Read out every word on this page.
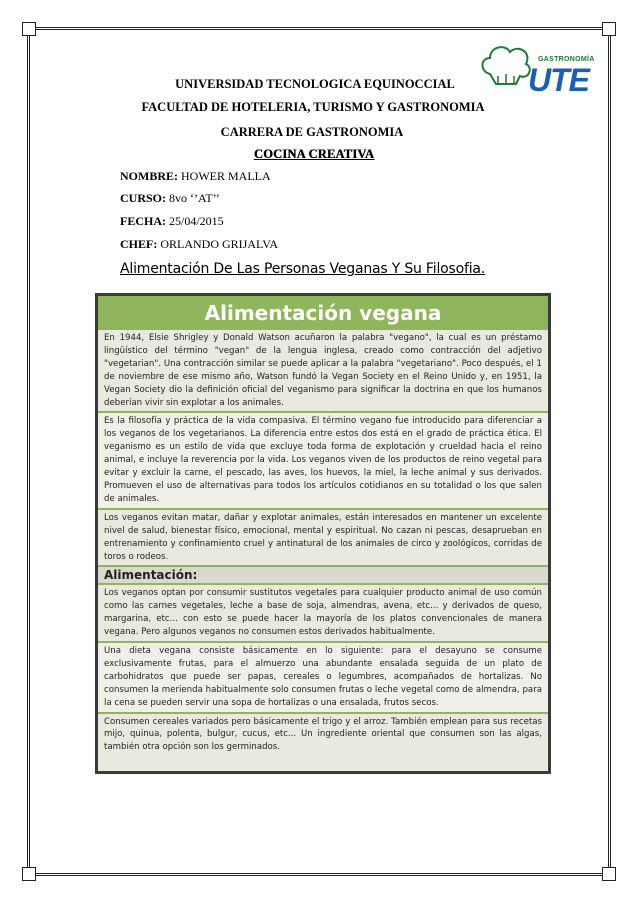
GASTRONOMÍA
UTE
UNIVERSIDAD TECNOLOGICA EQUINOCCIAL
FACULTAD DE HOTELERIA, TURISMO Y GASTRONOMIA
CARRERA DE GASTRONOMIA
COCINA CREATIVA
NOMBRE: HOWER MALLA
CURSO: 8vo ‘’AT’’
FECHA: 25/04/2015
CHEF: ORLANDO GRIJALVA
Alimentación De Las Personas Veganas Y Su Filosofia.
Alimentación vegana
En 1944, Elsie Shrigley y Donald Watson acuñaron la palabra "vegano", la cual es un préstamo lingüístico del término "vegan" de la lengua inglesa, creado como contracción del adjetivo "vegetarian". Una contracción similar se puede aplicar a la palabra "vegetariano". Poco después, el 1 de noviembre de ese mismo año, Watson fundó la Vegan Society en el Reino Unido y, en 1951, la Vegan Society dio la definición oficial del veganismo para significar la doctrina en que los humanos deberían vivir sin explotar a los animales.
Es la filosofía y práctica de la vida compasiva. El término vegano fue introducido para diferenciar a los veganos de los vegetarianos. La diferencia entre estos dos está en el grado de práctica ética. El veganismo es un estilo de vida que excluye toda forma de explotación y crueldad hacia el reino animal, e incluye la reverencia por la vida. Los veganos viven de los productos de reino vegetal para evitar y excluir la carne, el pescado, las aves, los huevos, la miel, la leche animal y sus derivados. Promueven el uso de alternativas para todos los artículos cotidianos en su totalidad o los que salen de animales.
Los veganos evitan matar, dañar y explotar animales, están interesados en mantener un excelente nivel de salud, bienestar físico, emocional, mental y espiritual. No cazan ni pescas, desaprueban en entrenamiento y confinamiento cruel y antinatural de los animales de circo y zoológicos, corridas de toros o rodeos.
Alimentación:
Los veganos optan por consumir sustitutos vegetales para cualquier producto animal de uso común como las carnes vegetales, leche a base de soja, almendras, avena, etc... y derivados de queso, margarina, etc... con esto se puede hacer la mayoría de los platos convencionales de manera vegana. Pero algunos veganos no consumen estos derivados habitualmente.
Una dieta vegana consiste básicamente en lo siguiente: para el desayuno se consume exclusivamente frutas, para el almuerzo una abundante ensalada seguida de un plato de carbohidratos que puede ser papas, cereales o legumbres, acompañados de hortalizas. No consumen la merienda habitualmente solo consumen frutas o leche vegetal como de almendra, para la cena se pueden servir una sopa de hortalizas o una ensalada, frutos secos.
Consumen cereales variados pero básicamente el trigo y el arroz. También emplean para sus recetas mijo, quinua, polenta, bulgur, cucus, etc... Un ingrediente oriental que consumen son las algas, también otra opción son los germinados.
